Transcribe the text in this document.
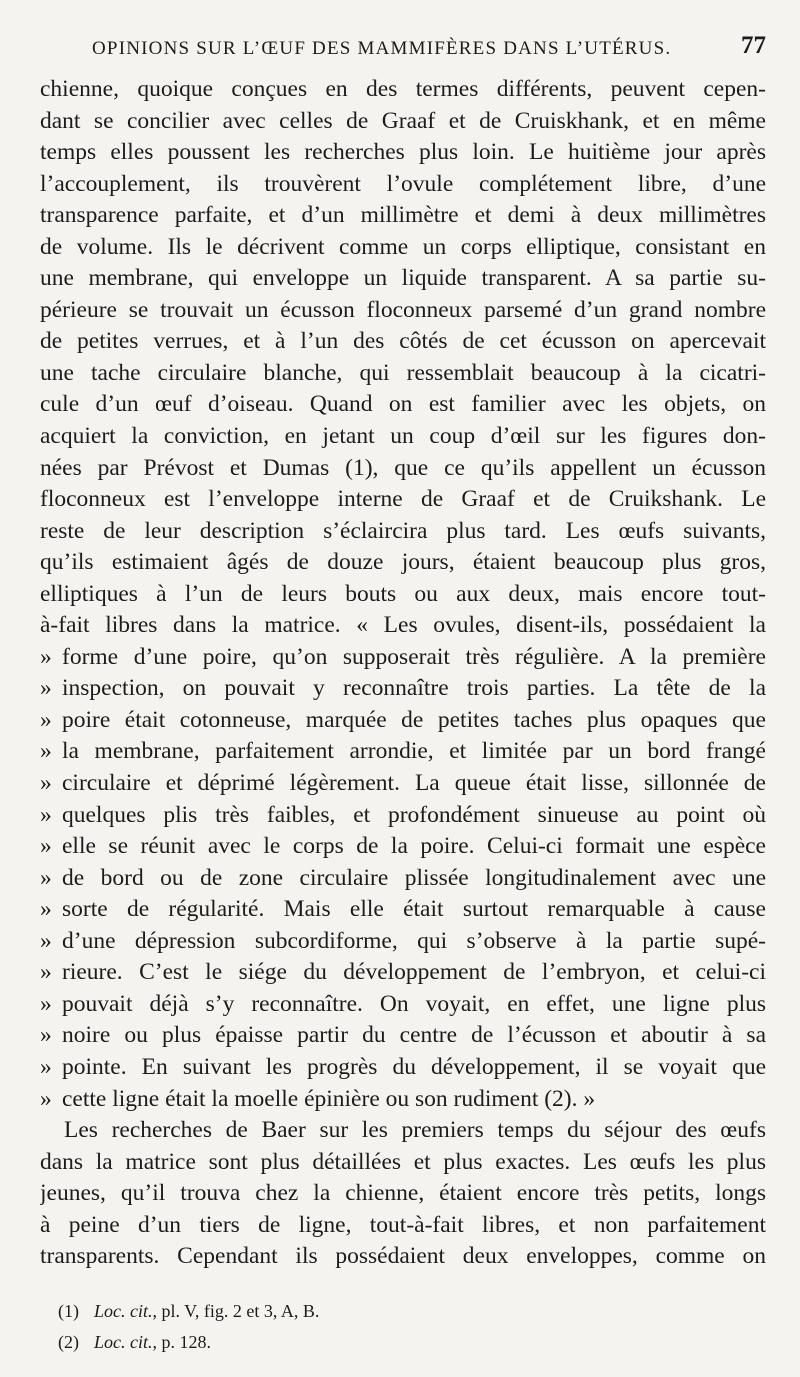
OPINIONS SUR L’ŒUF DES MAMMIFÈRES DANS L’UTÉRUS.	77
chienne, quoique conçues en des termes différents, peuvent cepen-
dant se concilier avec celles de Graaf et de Cruiskhank, et en même
temps elles poussent les recherches plus loin. Le huitième jour après
l’accouplement, ils trouvèrent l’ovule complétement libre, d’une
transparence parfaite, et d’un millimètre et demi à deux millimètres
de volume. Ils le décrivent comme un corps elliptique, consistant en
une membrane, qui enveloppe un liquide transparent. A sa partie su-
périeure se trouvait un écusson floconneux parsemé d’un grand nombre
de petites verrues, et à l’un des côtés de cet écusson on apercevait
une tache circulaire blanche, qui ressemblait beaucoup à la cicatri-
cule d’un œuf d’oiseau. Quand on est familier avec les objets, on
acquiert la conviction, en jetant un coup d’œil sur les figures don-
nées par Prévost et Dumas (1), que ce qu’ils appellent un écusson
floconneux est l’enveloppe interne de Graaf et de Cruikshank. Le
reste de leur description s’éclaircira plus tard. Les œufs suivants,
qu’ils estimaient âgés de douze jours, étaient beaucoup plus gros,
elliptiques à l’un de leurs bouts ou aux deux, mais encore tout-
à-fait libres dans la matrice. « Les ovules, disent-ils, possédaient la
» forme d’une poire, qu’on supposerait très régulière. A la première
» inspection, on pouvait y reconnaître trois parties. La tête de la
» poire était cotonneuse, marquée de petites taches plus opaques que
» la membrane, parfaitement arrondie, et limitée par un bord frangé
» circulaire et déprimé légèrement. La queue était lisse, sillonnée de
» quelques plis très faibles, et profondément sinueuse au point où
» elle se réunit avec le corps de la poire. Celui-ci formait une espèce
» de bord ou de zone circulaire plissée longitudinalement avec une
» sorte de régularité. Mais elle était surtout remarquable à cause
» d’une dépression subcordiforme, qui s’observe à la partie supé-
» rieure. C’est le siége du développement de l’embryon, et celui-ci
» pouvait déjà s’y reconnaître. On voyait, en effet, une ligne plus
» noire ou plus épaisse partir du centre de l’écusson et aboutir à sa
» pointe. En suivant les progrès du développement, il se voyait que
» cette ligne était la moelle épinière ou son rudiment (2). »
Les recherches de Baer sur les premiers temps du séjour des œufs
dans la matrice sont plus détaillées et plus exactes. Les œufs les plus
jeunes, qu’il trouva chez la chienne, étaient encore très petits, longs
à peine d’un tiers de ligne, tout-à-fait libres, et non parfaitement
transparents. Cependant ils possédaient deux enveloppes, comme on
(1) Loc. cit., pl. V, fig. 2 et 3, A, B.
(2) Loc. cit., p. 128.
